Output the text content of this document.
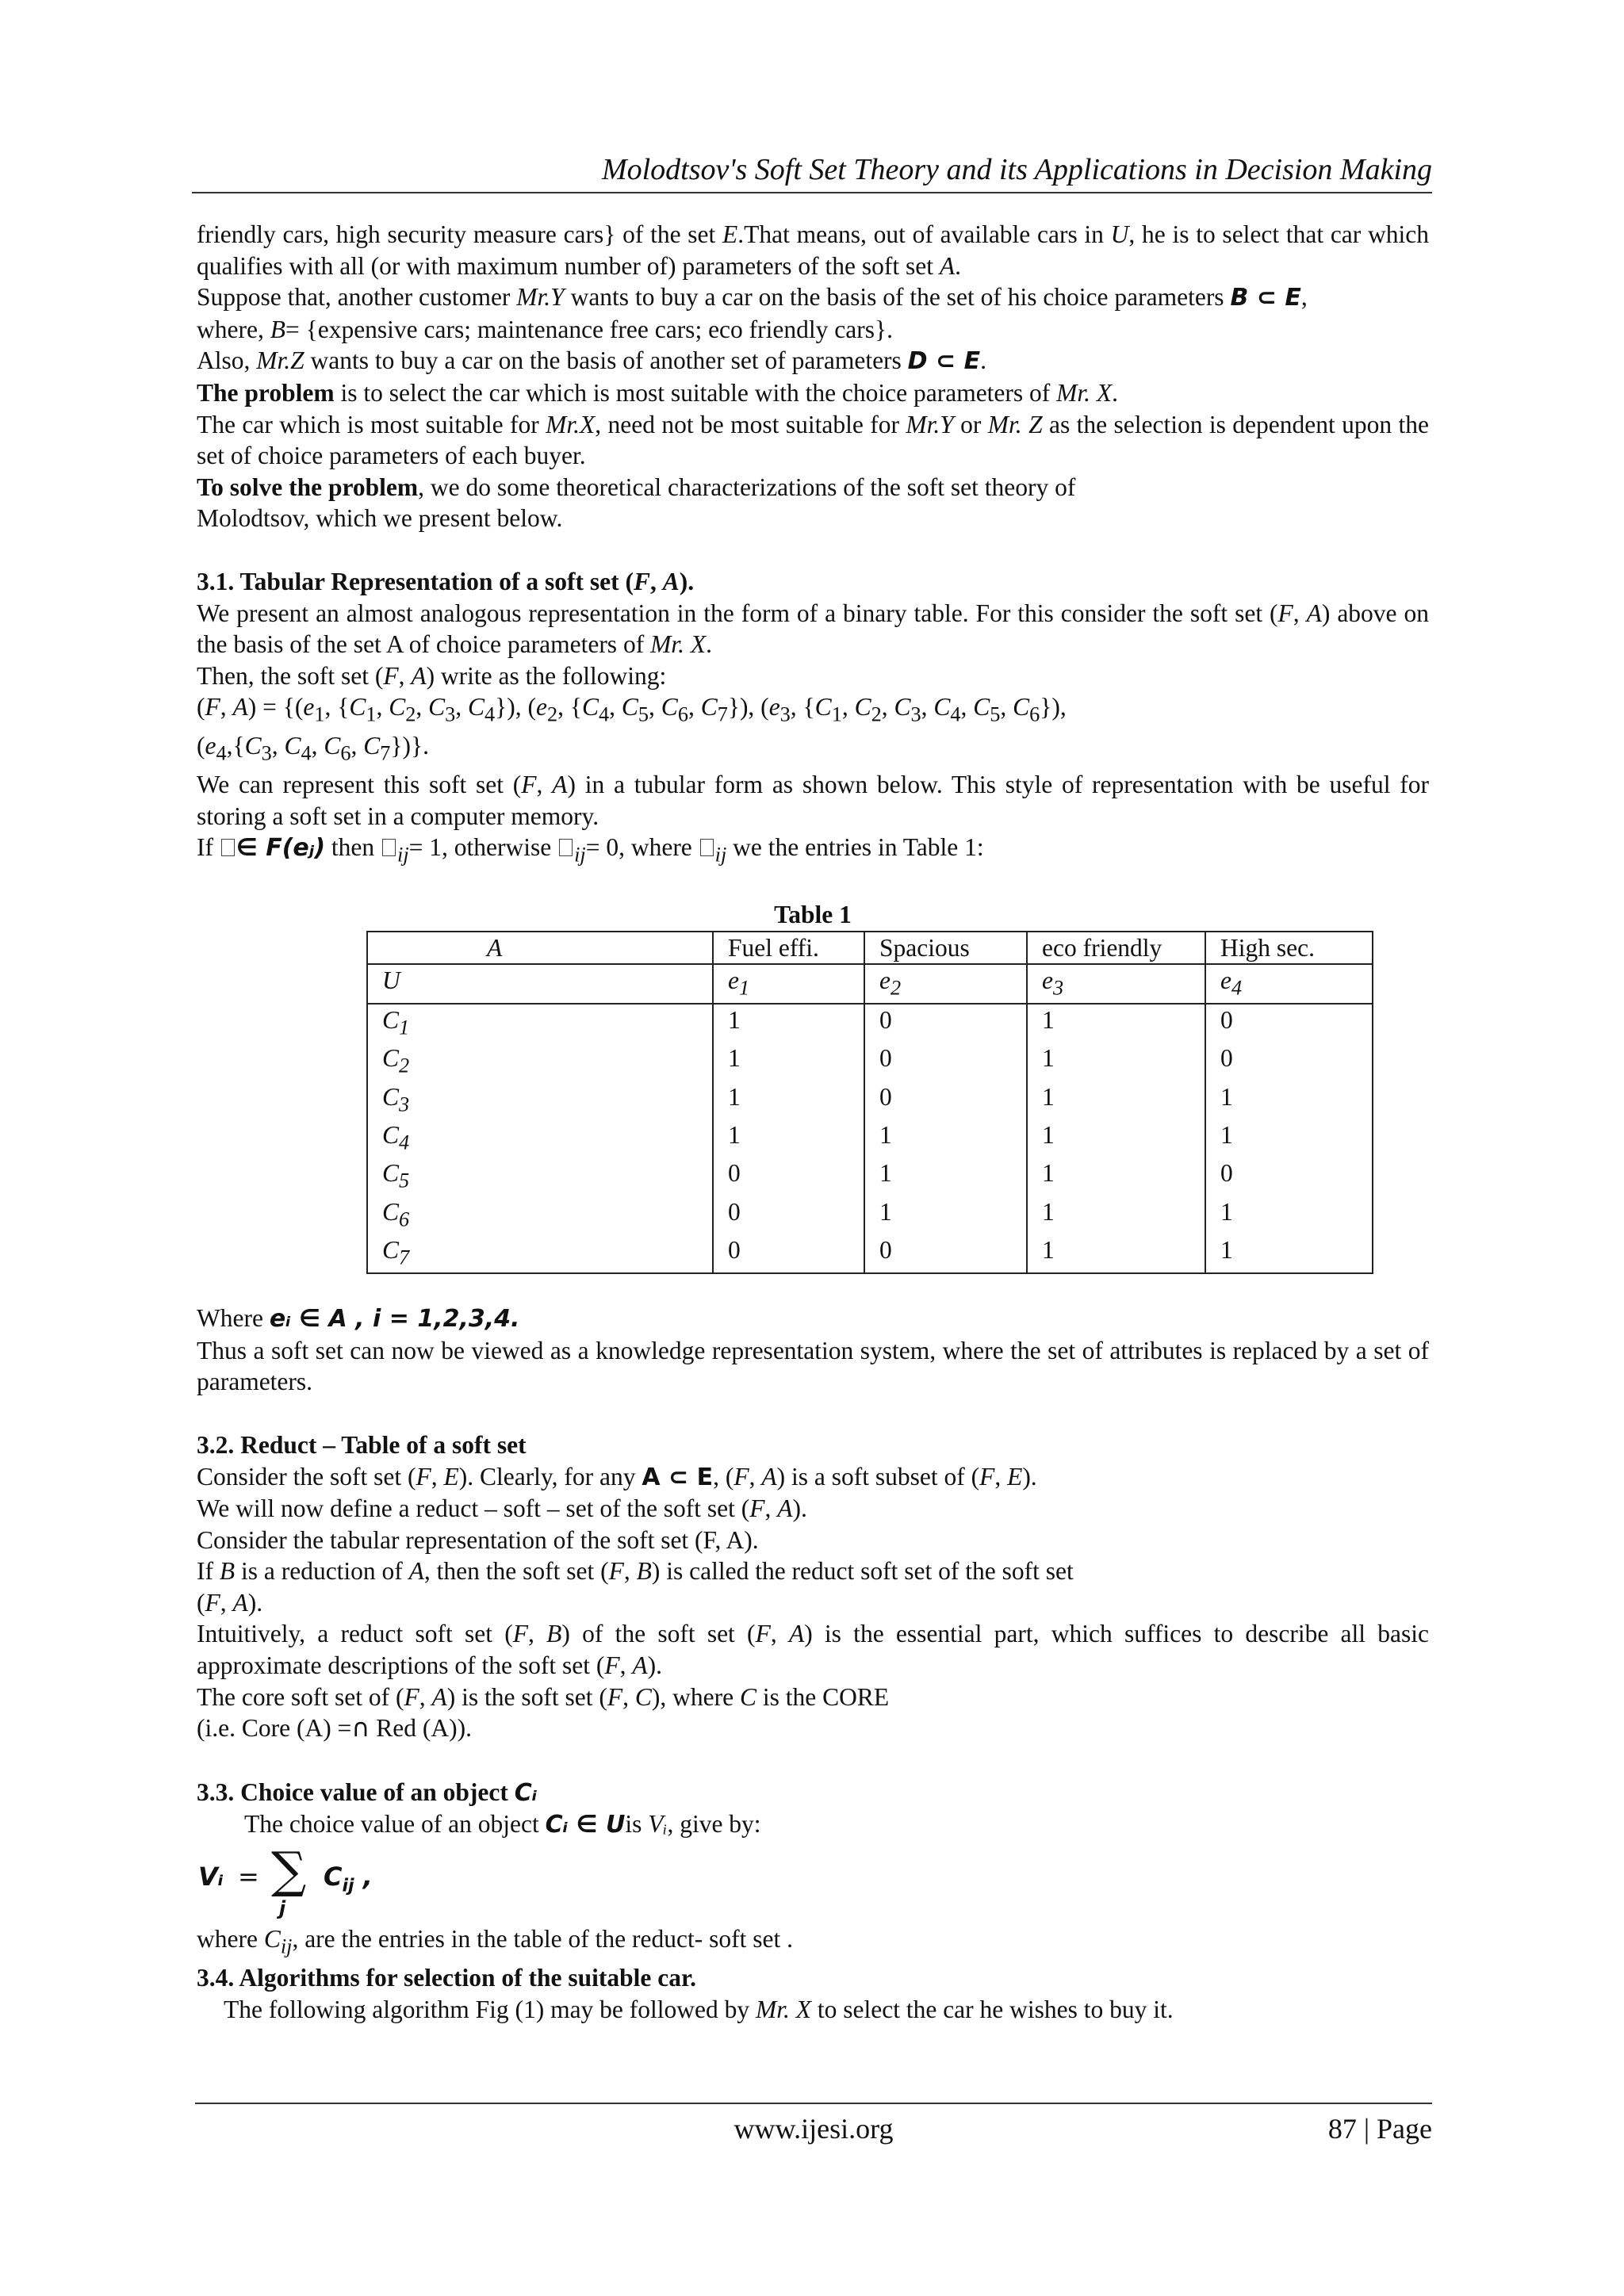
Molodtsov's Soft Set Theory and its Applications in Decision Making

friendly cars, high security measure cars} of the set E.That means, out of available cars in U, he is to select that car which qualifies with all (or with maximum number of) parameters of the soft set A.

Suppose that, another customer Mr.Y wants to buy a car on the basis of the set of his choice parameters B ⊂ E,

where, B= {expensive cars; maintenance free cars; eco friendly cars}.

Also, Mr.Z wants to buy a car on the basis of another set of parameters D ⊂ E.

The problem is to select the car which is most suitable with the choice parameters of Mr. X.

The car which is most suitable for Mr.X, need not be most suitable for Mr.Y or Mr. Z as the selection is dependent upon the set of choice parameters of each buyer.

To solve the problem, we do some theoretical characterizations of the soft set theory of

Molodtsov, which we present below.

3.1. Tabular Representation of a soft set (F, A).

We present an almost analogous representation in the form of a binary table. For this consider the soft set (F, A) above on the basis of the set A of choice parameters of Mr. X.

Then, the soft set (F, A) write as the following:

(F, $A) = \{(e_1$, {$C_1$, $C_2$, $C_3$, $C_4$}), ($e_2$, {$C_4$, $C_5$, $C_6$, $C_7$}), ($e_3$, {$C_1$, $C_2$, $C_3$, $C_4$, $C_5$, $C_6$}),

($e_4,\{C_3$, $C_4$, $C_6$, $C_7$})}.

We can represent this soft set (F, A) in a tubular form as shown below. This style of representation with be useful for storing a soft set in a computer memory.

If ∈ F(eⱼ) then $_{ij}$= 1, otherwise $_{ij}$= 0, where $_{ij}$ we the entries in Table 1:

Table 1

A	Fuel effi.	Spacious	eco friendly	High sec.
U	$e_1$	$e_2$	$e_3$	$e_4$
$C_1$	1	0	1	0
$C_2$	1	0	1	0
$C_3$	1	0	1	1
$C_4$	1	1	1	1
$C_5$	0	1	1	0
$C_6$	0	1	1	1
$C_7$	0	0	1	1

Where eᵢ ∈ A , i = 1,2,3,4.

Thus a soft set can now be viewed as a knowledge representation system, where the set of attributes is replaced by a set of parameters.

3.2. Reduct – Table of a soft set

Consider the soft set (F, E). Clearly, for any A ⊂ E, (F, A) is a soft subset of (F, E).

We will now define a reduct – soft – set of the soft set (F, A).

Consider the tabular representation of the soft set (F, A).

If B is a reduction of A, then the soft set (F, B) is called the reduct soft set of the soft set

(F, A).

Intuitively, a reduct soft set (F, B) of the soft set (F, A) is the essential part, which suffices to describe all basic approximate descriptions of the soft set (F, A).

The core soft set of (F, A) is the soft set (F, C), where C is the CORE

(i.e. Core (A) =∩ Red (A)).

3.3. Choice value of an object Cᵢ

The choice value of an object Cᵢ ∈ Uis Vᵢ, give by:

Vᵢ = ∑
j
$C_{ij}$ ,

where $C_{ij}$, are the entries in the table of the reduct- soft set .

3.4. Algorithms for selection of the suitable car.

The following algorithm Fig (1) may be followed by Mr. X to select the car he wishes to buy it.

www.ijesi.org	87 | Page
